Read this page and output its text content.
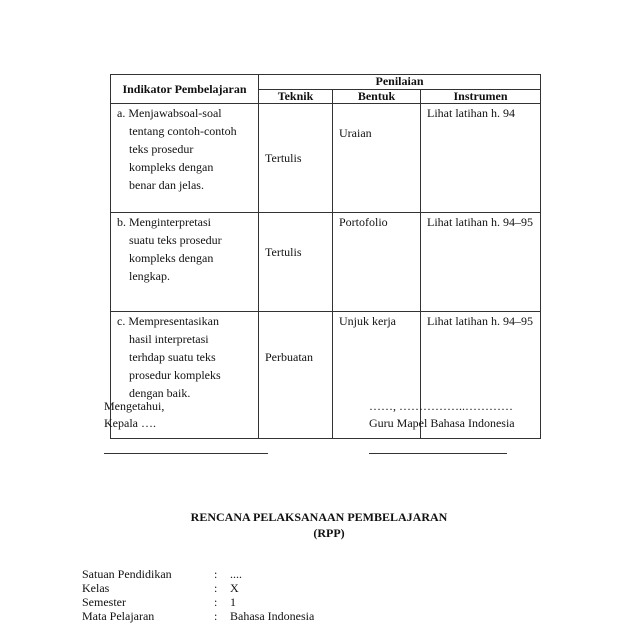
Indikator Pembelajaran	Penilaian		
	Teknik	Bentuk	Instrumen

a. Menjawabsoal-soal
tentang contoh-contoh
teks prosedur
kompleks dengan
benar dan jelas.	Tertulis	Uraian	Lihat latihan h. 94

b. Menginterpretasi
suatu teks prosedur
kompleks dengan
lengkap.	Tertulis	Portofolio	Lihat latihan h. 94–95

c. Mempresentasikan
hasil interpretasi
terhdap suatu teks
prosedur kompleks
dengan baik.	Perbuatan	Unjuk kerja	Lihat latihan h. 94–95
Mengetahui,
Kepala ….
……, ……………..…………
Guru Mapel Bahasa Indonesia
RENCANA PELAKSANAAN PEMBELAJARAN
(RPP)
Satuan Pendidikan	:	....
Kelas	:	X
Semester	:	1
Mata Pelajaran	:	Bahasa Indonesia
